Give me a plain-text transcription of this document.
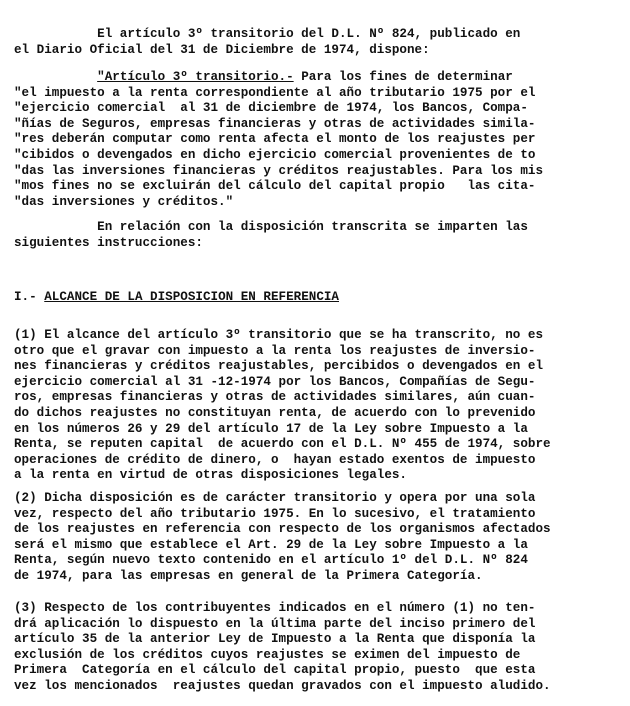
El artículo 3º transitorio del D.L. Nº 824, publicado en
el Diario Oficial del 31 de Diciembre de 1974, dispone:
"Artículo 3º transitorio.- Para los fines de determinar
"el impuesto a la renta correspondiente al año tributario 1975 por el
"ejercicio comercial  al 31 de diciembre de 1974, los Bancos, Compa-
"ñías de Seguros, empresas financieras y otras de actividades simila-
"res deberán computar como renta afecta el monto de los reajustes per
"cibidos o devengados en dicho ejercicio comercial provenientes de to
"das las inversiones financieras y créditos reajustables. Para los mis
"mos fines no se excluirán del cálculo del capital propio   las cita-
"das inversiones y créditos."
En relación con la disposición transcrita se imparten las
siguientes instrucciones:
I.- ALCANCE DE LA DISPOSICION EN REFERENCIA
(1) El alcance del artículo 3º transitorio que se ha transcrito, no es
otro que el gravar con impuesto a la renta los reajustes de inversio-
nes financieras y créditos reajustables, percibidos o devengados en el
ejercicio comercial al 31 -12-1974 por los Bancos, Compañías de Segu-
ros, empresas financieras y otras de actividades similares, aún cuan-
do dichos reajustes no constituyan renta, de acuerdo con lo prevenido
en los números 26 y 29 del artículo 17 de la Ley sobre Impuesto a la
Renta, se reputen capital  de acuerdo con el D.L. Nº 455 de 1974, sobre
operaciones de crédito de dinero, o  hayan estado exentos de impuesto
a la renta en virtud de otras disposiciones legales.
(2) Dicha disposición es de carácter transitorio y opera por una sola
vez, respecto del año tributario 1975. En lo sucesivo, el tratamiento
de los reajustes en referencia con respecto de los organismos afectados
será el mismo que establece el Art. 29 de la Ley sobre Impuesto a la
Renta, según nuevo texto contenido en el artículo 1º del D.L. Nº 824
de 1974, para las empresas en general de la Primera Categoría.
(3) Respecto de los contribuyentes indicados en el número (1) no ten-
drá aplicación lo dispuesto en la última parte del inciso primero del
artículo 35 de la anterior Ley de Impuesto a la Renta que disponía la
exclusión de los créditos cuyos reajustes se eximen del impuesto de
Primera  Categoría en el cálculo del capital propio, puesto  que esta
vez los mencionados  reajustes quedan gravados con el impuesto aludido.
